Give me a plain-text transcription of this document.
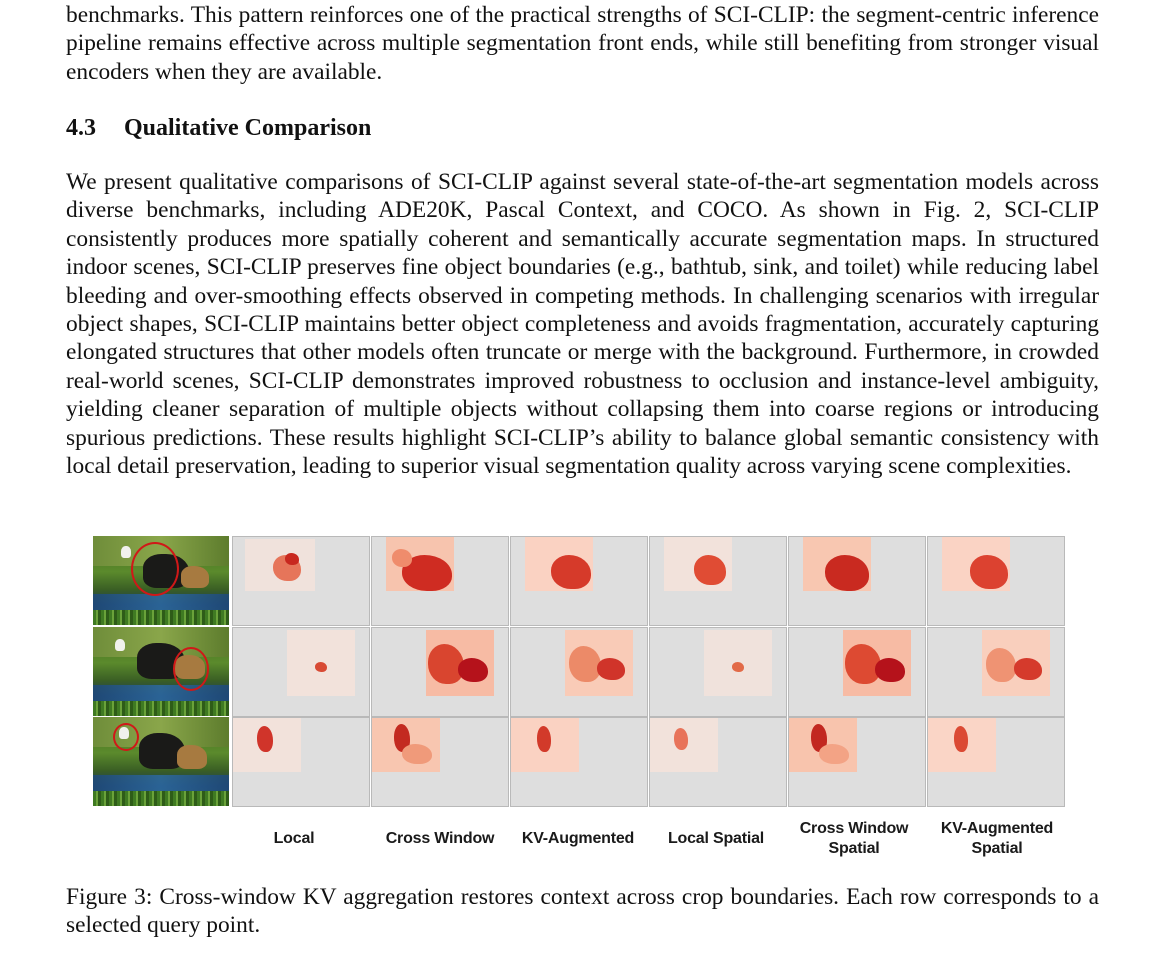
benchmarks. This pattern reinforces one of the practical strengths of SCI-CLIP: the segment-centric inference pipeline remains effective across multiple segmentation front ends, while still benefiting from stronger visual encoders when they are available.

4.3 Qualitative Comparison

We present qualitative comparisons of SCI-CLIP against several state-of-the-art segmentation models across diverse benchmarks, including ADE20K, Pascal Context, and COCO. As shown in Fig. 2, SCI-CLIP consistently produces more spatially coherent and semantically accurate segmentation maps. In structured indoor scenes, SCI-CLIP preserves fine object boundaries (e.g., bathtub, sink, and toilet) while reducing label bleeding and over-smoothing effects observed in competing methods. In challenging scenarios with irregular object shapes, SCI-CLIP maintains better object completeness and avoids fragmentation, accurately capturing elongated structures that other models often truncate or merge with the background. Furthermore, in crowded real-world scenes, SCI-CLIP demonstrates improved robustness to occlusion and instance-level ambiguity, yielding cleaner separation of multiple objects without collapsing them into coarse regions or introducing spurious predictions. These results highlight SCI-CLIP’s ability to balance global semantic consistency with local detail preservation, leading to superior visual segmentation quality across varying scene complexities.

Local	Cross Window	KV-Augmented	Local Spatial
Cross Window
Spatial
KV-Augmented
Spatial

Figure 3: Cross-window KV aggregation restores context across crop boundaries. Each row corresponds to a selected query point.
